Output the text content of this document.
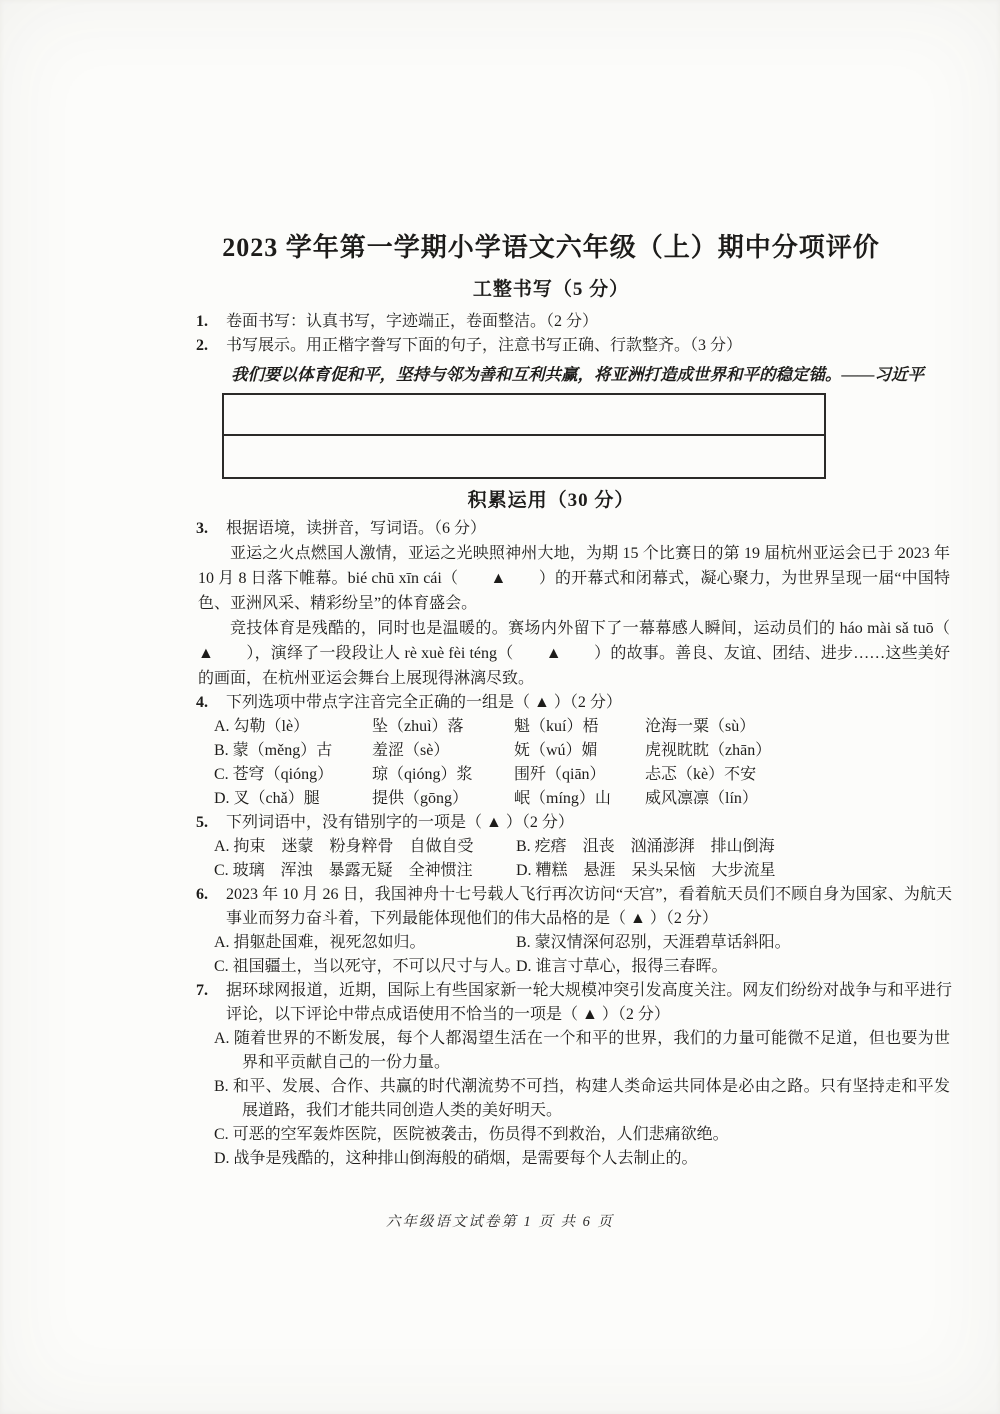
2023 学年第一学期小学语文六年级（上）期中分项评价
工整书写（5 分）
1.	卷面书写：认真书写，字迹端正，卷面整洁。（2 分）
2.	书写展示。用正楷字誊写下面的句子，注意书写正确、行款整齐。（3 分）
我们要以体育促和平，坚持与邻为善和互利共赢，将亚洲打造成世界和平的稳定锚。——习近平
积累运用（30 分）
3.	根据语境，读拼音，写词语。（6 分）
亚运之火点燃国人激情，亚运之光映照神州大地，为期 15 个比赛日的第 19 届杭州亚运会已于 2023 年 10 月 8 日落下帷幕。bié chū xīn cái（　　▲　　）的开幕式和闭幕式，凝心聚力，为世界呈现一届“中国特色、亚洲风采、精彩纷呈”的体育盛会。
竞技体育是残酷的，同时也是温暖的。赛场内外留下了一幕幕感人瞬间，运动员们的 háo mài sǎ tuō（　　▲　　），演绎了一段段让人 rè xuè fèi téng（　　▲　　）的故事。善良、友谊、团结、进步……这些美好的画面，在杭州亚运会舞台上展现得淋漓尽致。
4.	下列选项中带点字注音完全正确的一组是（ ▲ ）（2 分）
A. 勾勒（lè）	坠（zhuì）落	魁（kuí）梧	沧海一粟（sù）
B. 蒙（měng）古	羞涩（sè）	妩（wú）媚	虎视眈眈（zhān）
C. 苍穹（qióng）	琼（qióng）浆	围歼（qiān）	忐忑（kè）不安
D. 叉（chǎ）腿	提供（gōng）	岷（míng）山	威风凛凛（lín）
5.	下列词语中，没有错别字的一项是（ ▲ ）（2 分）
A. 拘束　迷蒙　粉身粹骨　自做自受	B. 疙瘩　沮丧　汹涌澎湃　排山倒海
C. 玻璃　浑浊　暴露无疑　全神惯注	D. 糟糕　悬涯　呆头呆恼　大步流星
6.	2023 年 10 月 26 日，我国神舟十七号载人飞行再次访问“天宫”，看着航天员们不顾自身为国家、为航天事业而努力奋斗着，下列最能体现他们的伟大品格的是（ ▲ ）（2 分）
A. 捐躯赴国难，视死忽如归。	B. 蒙汉情深何忍别，天涯碧草话斜阳。
C. 祖国疆土，当以死守，不可以尺寸与人。
D. 谁言寸草心，报得三春晖。
7.	据环球网报道，近期，国际上有些国家新一轮大规模冲突引发高度关注。网友们纷纷对战争与和平进行评论，以下评论中带点成语使用不恰当的一项是（ ▲ ）（2 分）
A. 随着世界的不断发展，每个人都渴望生活在一个和平的世界，我们的力量可能微不足道，但也要为世界和平贡献自己的一份力量。
B. 和平、发展、合作、共赢的时代潮流势不可挡，构建人类命运共同体是必由之路。只有坚持走和平发展道路，我们才能共同创造人类的美好明天。
C. 可恶的空军轰炸医院，医院被袭击，伤员得不到救治，人们悲痛欲绝。
D. 战争是残酷的，这种排山倒海般的硝烟，是需要每个人去制止的。
六年级语文试卷第 1 页 共 6 页
